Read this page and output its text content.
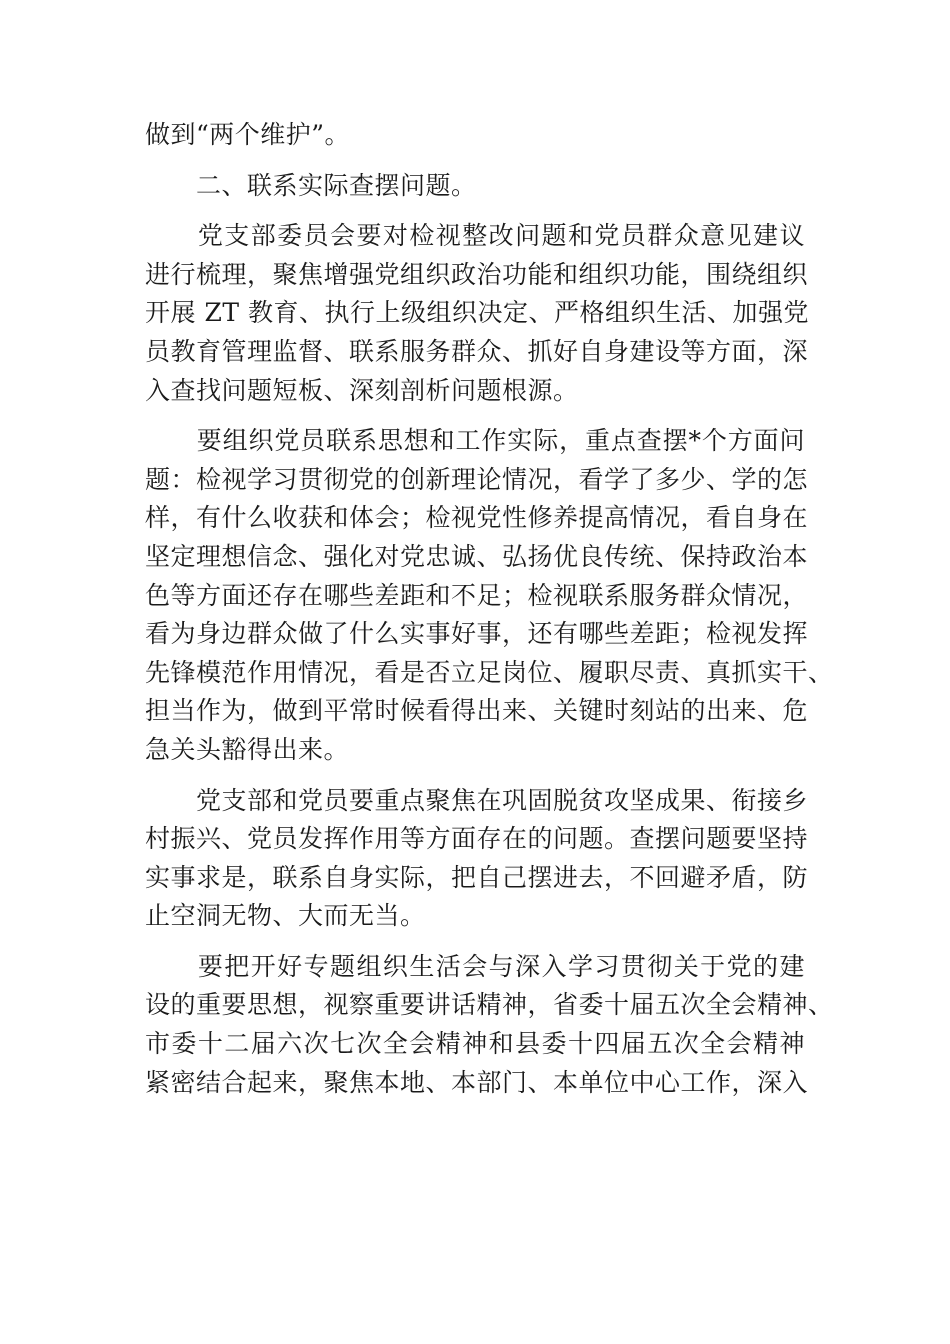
做到“两个维护”。
　　二、联系实际查摆问题。
　　党支部委员会要对检视整改问题和党员群众意见建议
进行梳理，聚焦增强党组织政治功能和组织功能，围绕组织
开展 ZT 教育、执行上级组织决定、严格组织生活、加强党
员教育管理监督、联系服务群众、抓好自身建设等方面，深
入查找问题短板、深刻剖析问题根源。
　　要组织党员联系思想和工作实际，重点查摆*个方面问
题：检视学习贯彻党的创新理论情况，看学了多少、学的怎
样，有什么收获和体会；检视党性修养提高情况，看自身在
坚定理想信念、强化对党忠诚、弘扬优良传统、保持政治本
色等方面还存在哪些差距和不足；检视联系服务群众情况，
看为身边群众做了什么实事好事，还有哪些差距；检视发挥
先锋模范作用情况，看是否立足岗位、履职尽责、真抓实干、
担当作为，做到平常时候看得出来、关键时刻站的出来、危
急关头豁得出来。
　　党支部和党员要重点聚焦在巩固脱贫攻坚成果、衔接乡
村振兴、党员发挥作用等方面存在的问题。查摆问题要坚持
实事求是，联系自身实际，把自己摆进去，不回避矛盾，防
止空洞无物、大而无当。
　　要把开好专题组织生活会与深入学习贯彻关于党的建
设的重要思想，视察重要讲话精神，省委十届五次全会精神、
市委十二届六次七次全会精神和县委十四届五次全会精神
紧密结合起来，聚焦本地、本部门、本单位中心工作，深入
